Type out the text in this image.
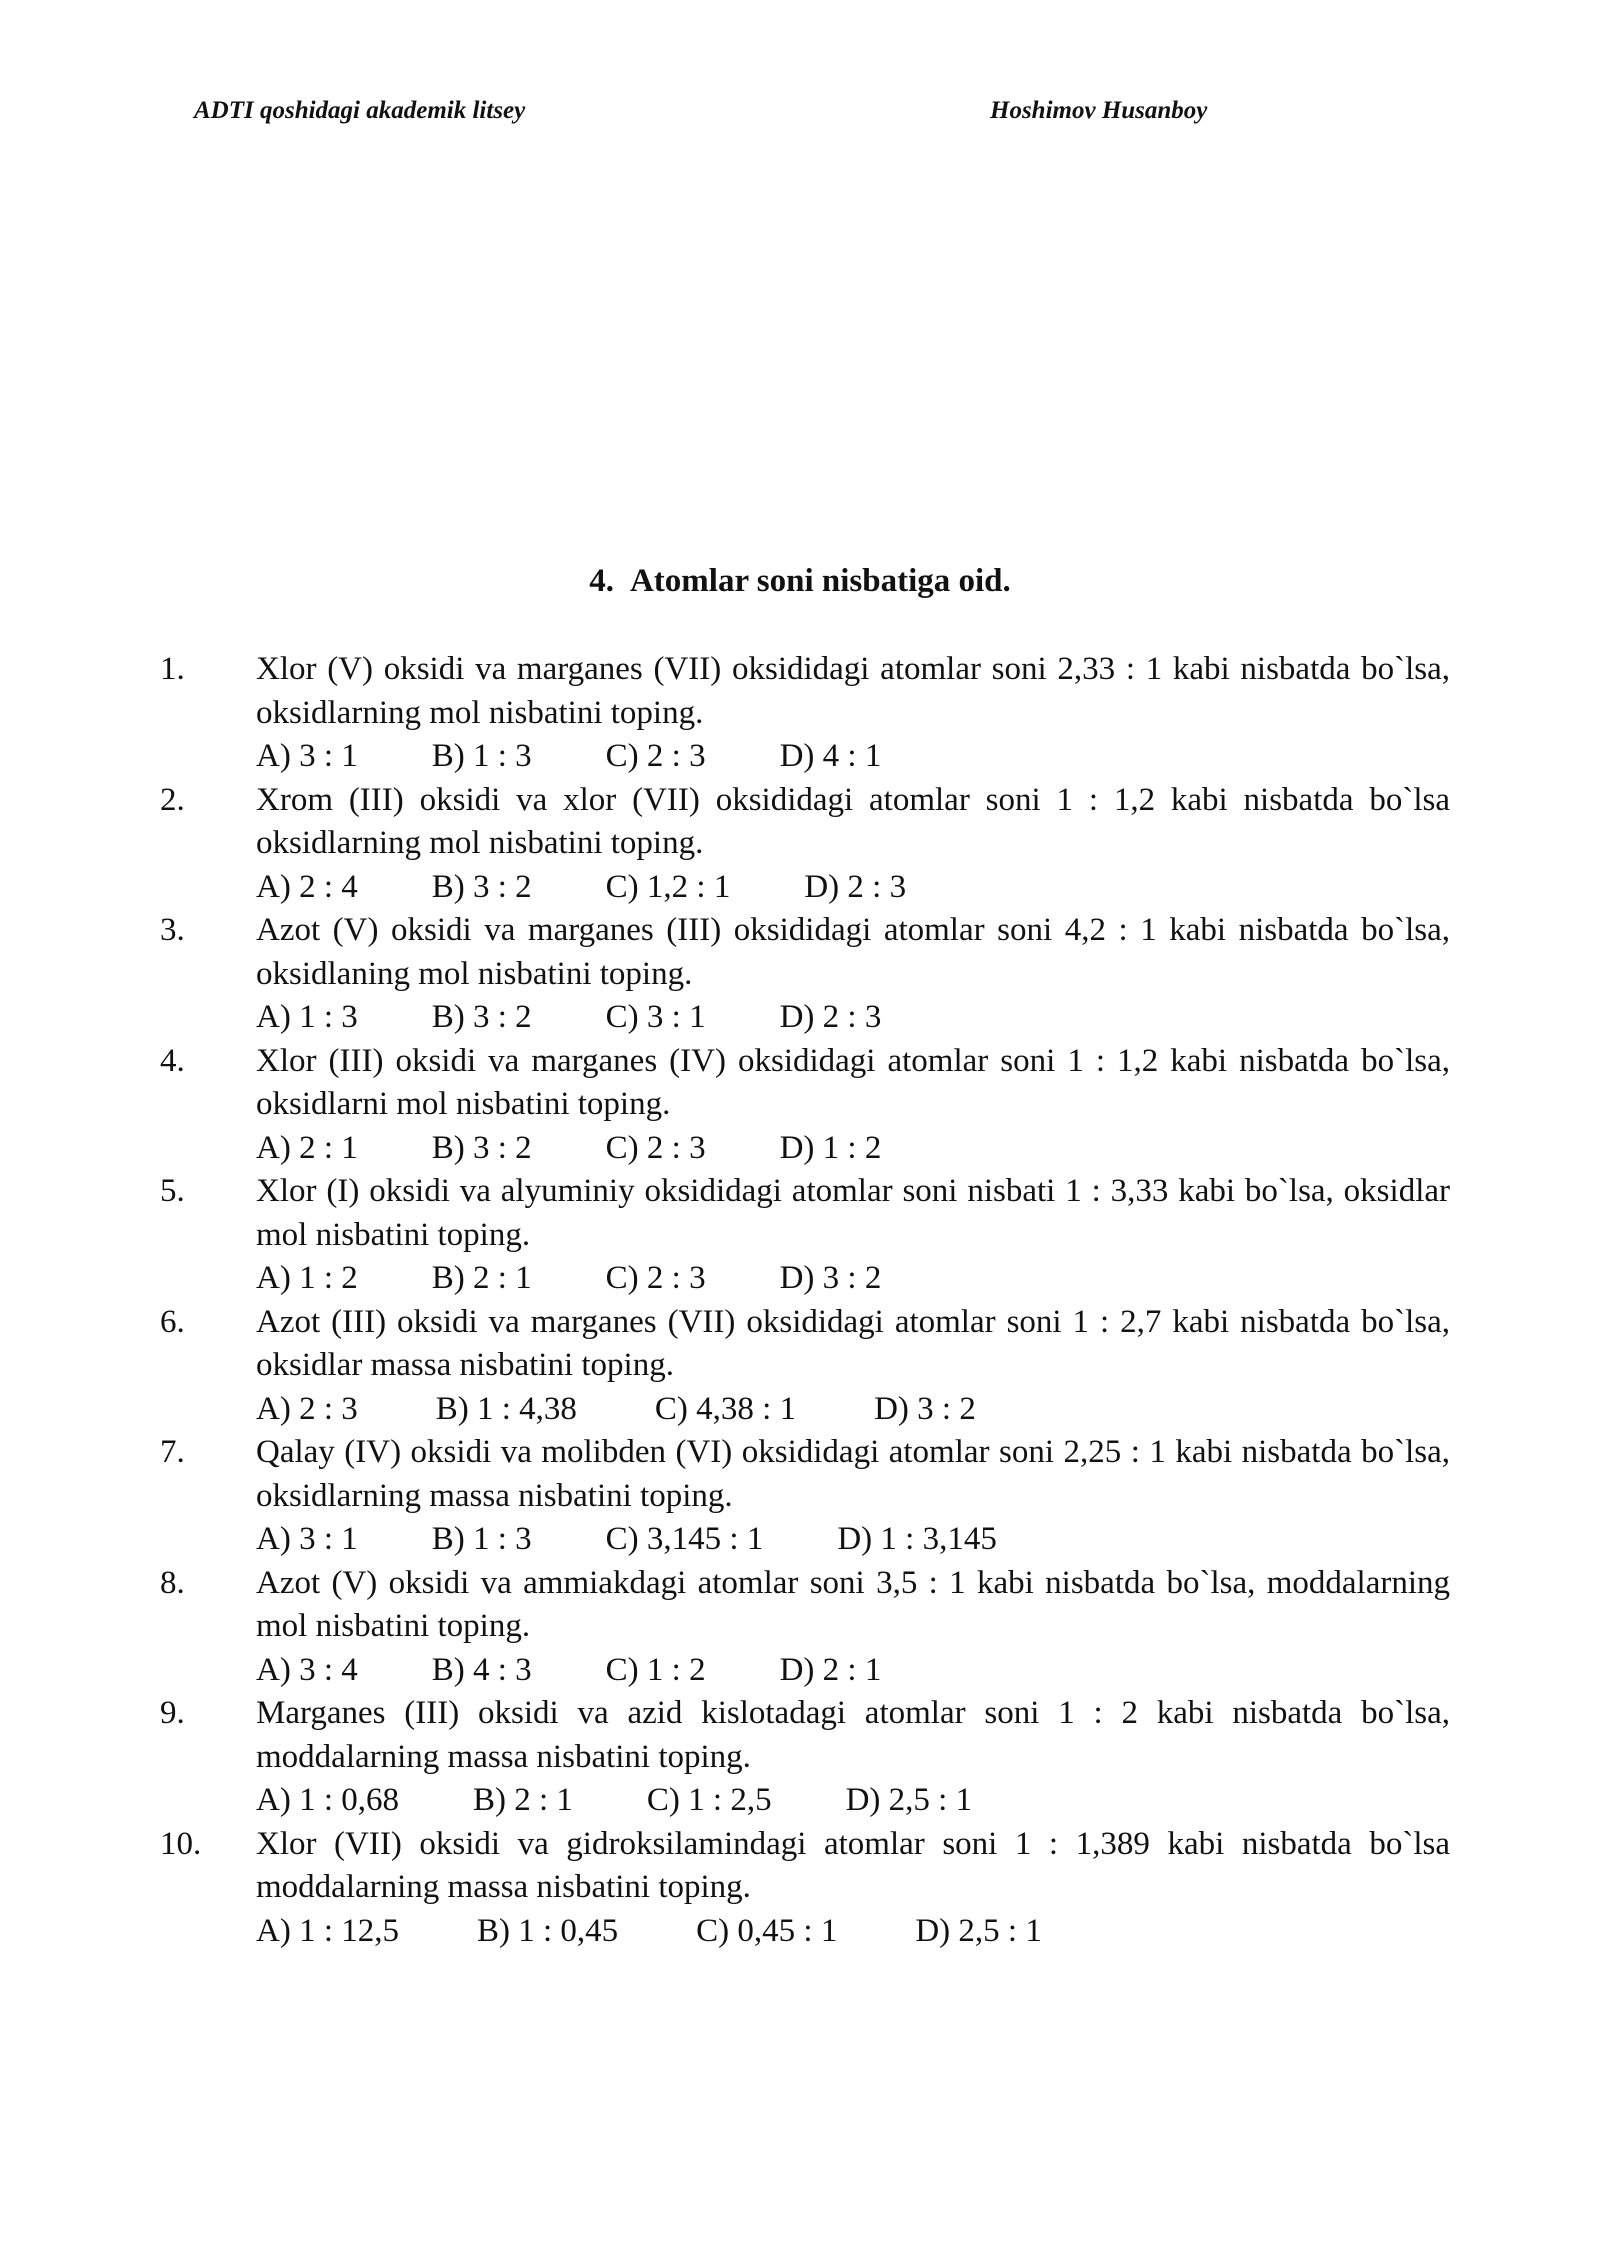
ADTI qoshidagi akademik litsey	Hoshimov Husanboy
4. Atomlar soni nisbatiga oid.
1. Xlor (V) oksidi va marganes (VII) oksididagi atomlar soni 2,33 : 1 kabi nisbatda bo`lsa, oksidlarning mol nisbatini toping.
A) 3 : 1 B) 1 : 3 C) 2 : 3 D) 4 : 1
2. Xrom (III) oksidi va xlor (VII) oksididagi atomlar soni 1 : 1,2 kabi nisbatda bo`lsa oksidlarning mol nisbatini toping.
A) 2 : 4 B) 3 : 2 C) 1,2 : 1 D) 2 : 3
3. Azot (V) oksidi va marganes (III) oksididagi atomlar soni 4,2 : 1 kabi nisbatda bo`lsa, oksidlaning mol nisbatini toping.
A) 1 : 3 B) 3 : 2 C) 3 : 1 D) 2 : 3
4. Xlor (III) oksidi va marganes (IV) oksididagi atomlar soni 1 : 1,2 kabi nisbatda bo`lsa, oksidlarni mol nisbatini toping.
A) 2 : 1 B) 3 : 2 C) 2 : 3 D) 1 : 2
5. Xlor (I) oksidi va alyuminiy oksididagi atomlar soni nisbati 1 : 3,33 kabi bo`lsa, oksidlar mol nisbatini toping.
A) 1 : 2 B) 2 : 1 C) 2 : 3 D) 3 : 2
6. Azot (III) oksidi va marganes (VII) oksididagi atomlar soni 1 : 2,7 kabi nisbatda bo`lsa, oksidlar massa nisbatini toping.
A) 2 : 3 B) 1 : 4,38 C) 4,38 : 1 D) 3 : 2
7. Qalay (IV) oksidi va molibden (VI) oksididagi atomlar soni 2,25 : 1 kabi nisbatda bo`lsa, oksidlarning massa nisbatini toping.
A) 3 : 1 B) 1 : 3 C) 3,145 : 1 D) 1 : 3,145
8. Azot (V) oksidi va ammiakdagi atomlar soni 3,5 : 1 kabi nisbatda bo`lsa, moddalarning mol nisbatini toping.
A) 3 : 4 B) 4 : 3 C) 1 : 2 D) 2 : 1
9. Marganes (III) oksidi va azid kislotadagi atomlar soni 1 : 2 kabi nisbatda bo`lsa, moddalarning massa nisbatini toping.
A) 1 : 0,68 B) 2 : 1 C) 1 : 2,5 D) 2,5 : 1
10. Xlor (VII) oksidi va gidroksilamindagi atomlar soni 1 : 1,389 kabi nisbatda bo`lsa moddalarning massa nisbatini toping.
A) 1 : 12,5 B) 1 : 0,45 C) 0,45 : 1 D) 2,5 : 1
